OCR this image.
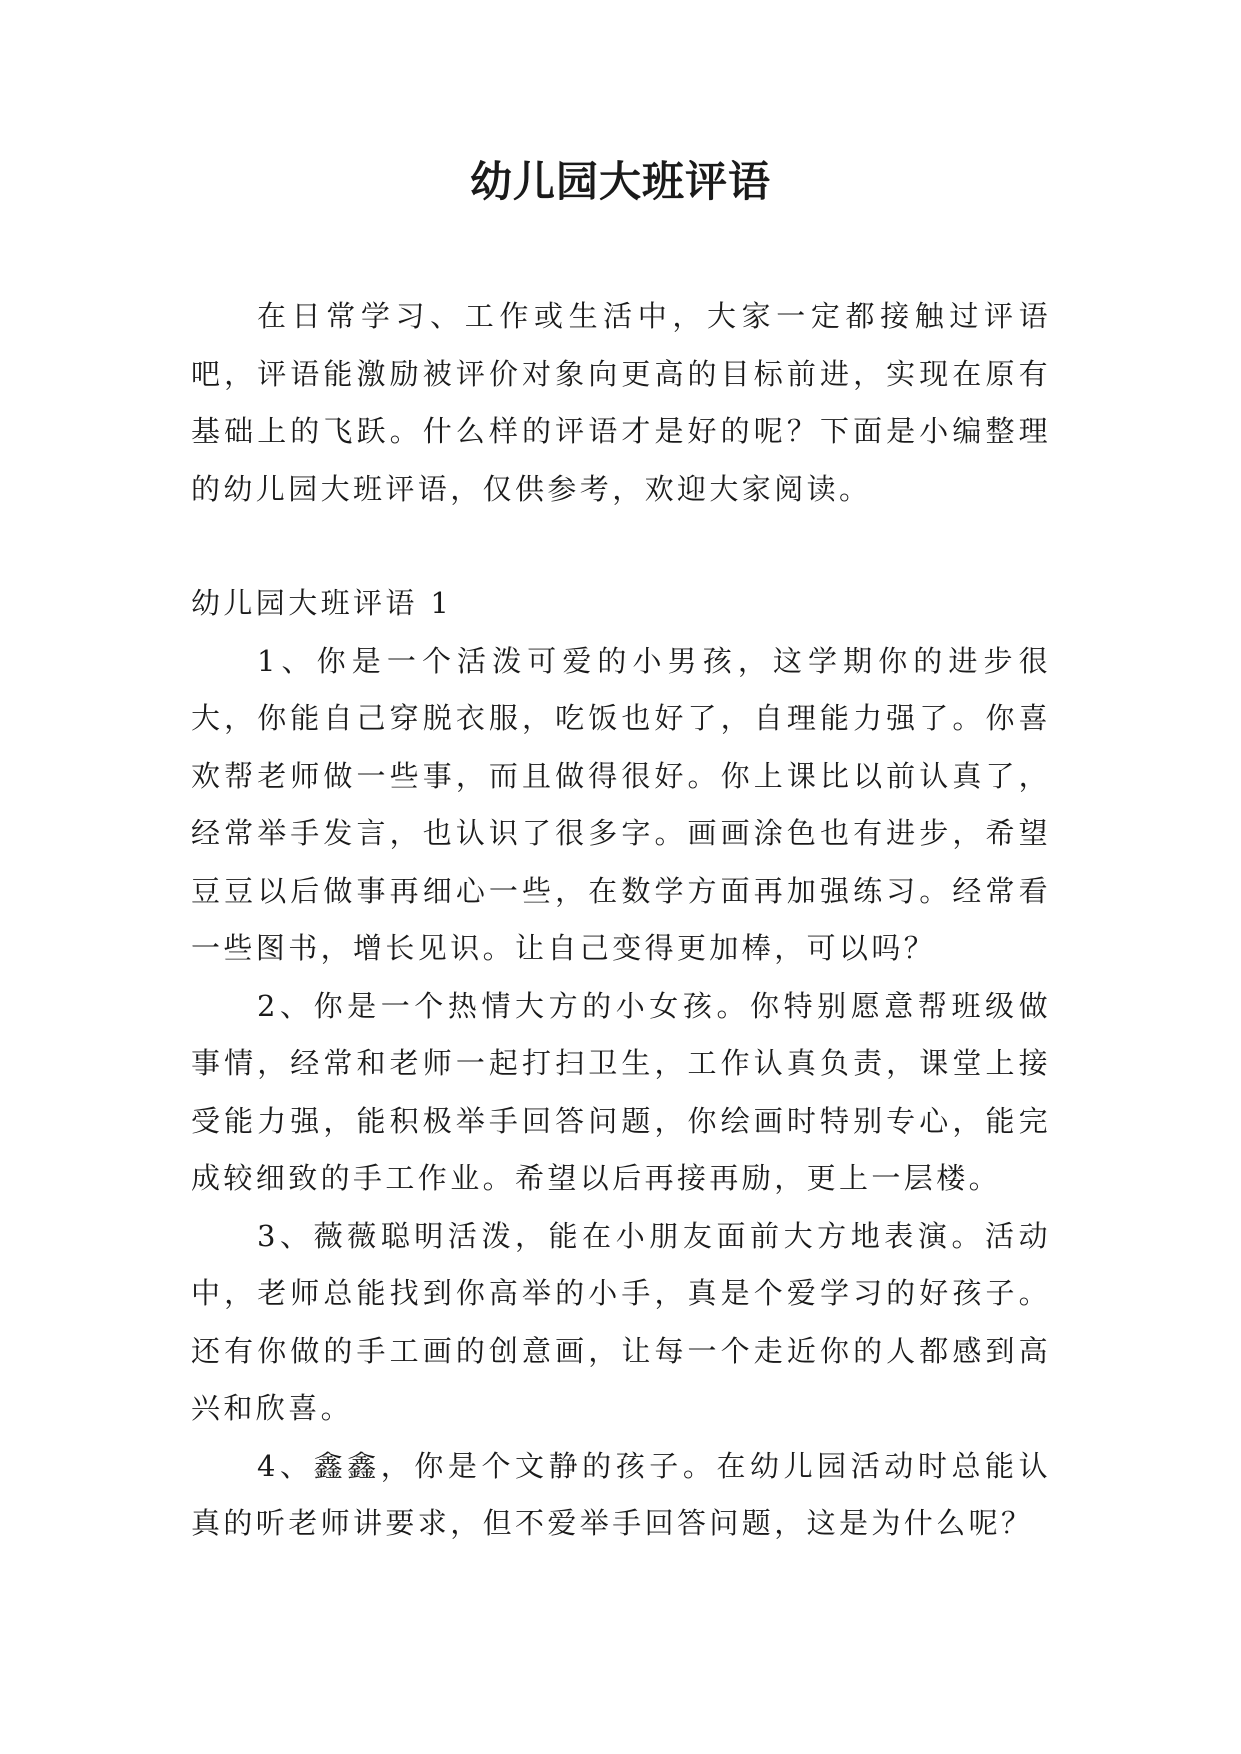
幼儿园大班评语

在日常学习、工作或生活中，大家一定都接触过评语吧，评语能激励被评价对象向更高的目标前进，实现在原有基础上的飞跃。什么样的评语才是好的呢？下面是小编整理的幼儿园大班评语，仅供参考，欢迎大家阅读。

幼儿园大班评语 1

1、你是一个活泼可爱的小男孩，这学期你的进步很大，你能自己穿脱衣服，吃饭也好了，自理能力强了。你喜欢帮老师做一些事，而且做得很好。你上课比以前认真了，经常举手发言，也认识了很多字。画画涂色也有进步，希望豆豆以后做事再细心一些，在数学方面再加强练习。经常看一些图书，增长见识。让自己变得更加棒，可以吗？

2、你是一个热情大方的小女孩。你特别愿意帮班级做事情，经常和老师一起打扫卫生，工作认真负责，课堂上接受能力强，能积极举手回答问题，你绘画时特别专心，能完成较细致的手工作业。希望以后再接再励，更上一层楼。

3、薇薇聪明活泼，能在小朋友面前大方地表演。活动中，老师总能找到你高举的小手，真是个爱学习的好孩子。还有你做的手工画的创意画，让每一个走近你的人都感到高兴和欣喜。

4、鑫鑫，你是个文静的孩子。在幼儿园活动时总能认真的听老师讲要求，但不爱举手回答问题，这是为什么呢？
